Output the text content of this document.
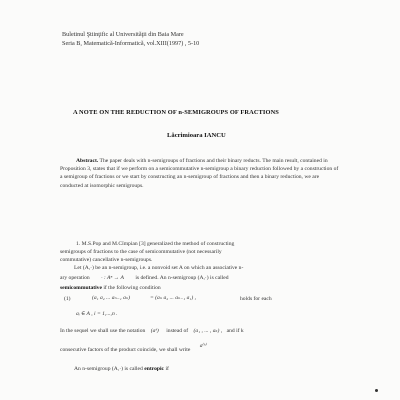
Buletinul Ştiinţific al Universităţii din Baia Mare
Seria B, Matematică-Informatică, vol.XIII(1997) , 5-10
A NOTE ON THE REDUCTION OF n-SEMIGROUPS OF FRACTIONS
Lăcrimioara IANCU
Abstract. The paper deals with n-semigroups of fractions and their binary reducts. The main result, contained in Proposition 3, states that if we perform on a semicommutative n-semigroup a binary reduction followed by a construction of a semigroup of fractions or we start by constructing an n-semigroup of fractions and then a binary reduction, we are conducted at isomorphic semigroups.
1. M.S.Pop and M.Cîmpian [3] generalized the method of constructing
semigroups of fractions to the case of semicommutative (not necessarily
commutative) cancellative n-semigroups.
Let (A,·) be an n-semigroup, i.e. a nonvoid set A on which an associative n-
ary operation · : Aⁿ → A is defined. An n-semigroup (A,·) is called
semicommutative if the following condition
(1)	(a₁ a₂ ... aₙ₋₁ aₙ)	= (aₙ a₂ ... aₙ₋₁ a₁) ,	holds for each
aᵢ ∈ A , i = 1,...,n .
In the sequel we shall use the notation (aᵏ) instead of (a₁ , ... , aₖ) , and if k
consecutive factors of the product coincide, we shall write a⁽ᵏ⁾
An n-semigroup (A,·) is called entropic if
